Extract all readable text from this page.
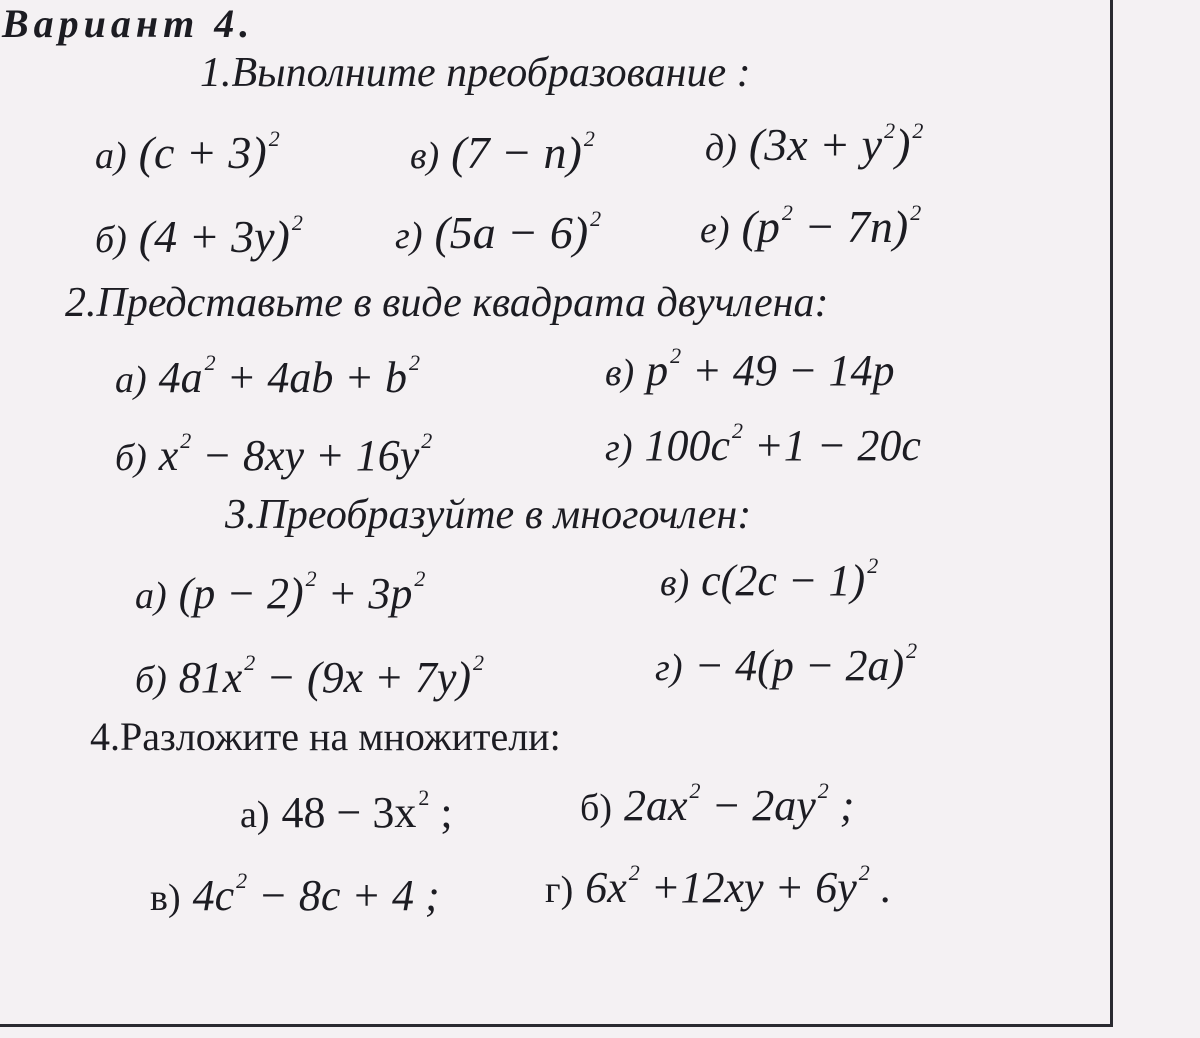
Вариант 4.
1.Выполните преобразование :
а) $(c + 3)^2$	в) $(7 - n)^2$	д) $(3x + y^2)^2$
б) $(4 + 3y)^2$ г) $(5a - 6)^2$	е) $(p^2 - 7n)^2$
2.Представьте в виде квадрата двучлена:
а) $4a^2 + 4ab + b^2$	в) $p^2 + 49 - 14p$
б) $x^2 - 8xy + 16y^2$	г) $100c^2 +1 - 20c$
3.Преобразуйте в многочлен:
а) $(p - 2)^2 + 3p^2$	в) $c(2c - 1)^2$
б) $81x^2 - (9x + 7y)^2$	$г) - 4(p - 2a)^2$
4.Разложите на множители:
а) $48 - 3x^2$ ;	б) $2ax^2 - 2ay^2$ ;
в) $4c^2 - 8c + 4$ ;	г) $6x^2 +12xy + 6y^2$ .
